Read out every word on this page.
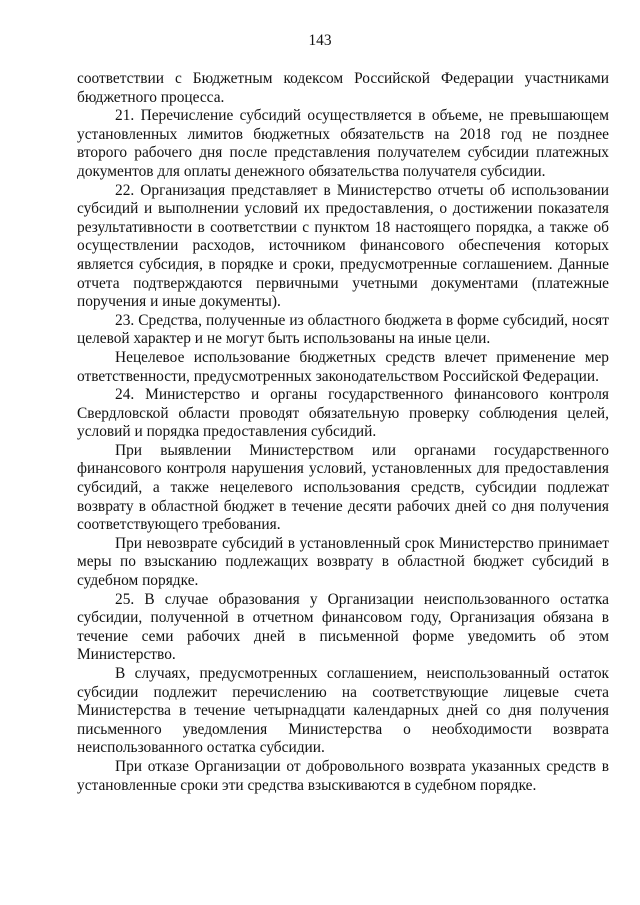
143

соответствии с Бюджетным кодексом Российской Федерации участниками бюджетного процесса.

21. Перечисление субсидий осуществляется в объеме, не превышающем установленных лимитов бюджетных обязательств на 2018 год не позднее второго рабочего дня после представления получателем субсидии платежных документов для оплаты денежного обязательства получателя субсидии.

22. Организация представляет в Министерство отчеты об использовании субсидий и выполнении условий их предоставления, о достижении показателя результативности в соответствии с пунктом 18 настоящего порядка, а также об осуществлении расходов, источником финансового обеспечения которых является субсидия, в порядке и сроки, предусмотренные соглашением. Данные отчета подтверждаются первичными учетными документами (платежные поручения и иные документы).

23. Средства, полученные из областного бюджета в форме субсидий, носят целевой характер и не могут быть использованы на иные цели.

Нецелевое использование бюджетных средств влечет применение мер ответственности, предусмотренных законодательством Российской Федерации.

24. Министерство и органы государственного финансового контроля Свердловской области проводят обязательную проверку соблюдения целей, условий и порядка предоставления субсидий.

При выявлении Министерством или органами государственного финансового контроля нарушения условий, установленных для предоставления субсидий, а также нецелевого использования средств, субсидии подлежат возврату в областной бюджет в течение десяти рабочих дней со дня получения соответствующего требования.

При невозврате субсидий в установленный срок Министерство принимает меры по взысканию подлежащих возврату в областной бюджет субсидий в судебном порядке.

25. В случае образования у Организации неиспользованного остатка субсидии, полученной в отчетном финансовом году, Организация обязана в течение семи рабочих дней в письменной форме уведомить об этом Министерство.

В случаях, предусмотренных соглашением, неиспользованный остаток субсидии подлежит перечислению на соответствующие лицевые счета Министерства в течение четырнадцати календарных дней со дня получения письменного уведомления Министерства о необходимости возврата неиспользованного остатка субсидии.

При отказе Организации от добровольного возврата указанных средств в установленные сроки эти средства взыскиваются в судебном порядке.
